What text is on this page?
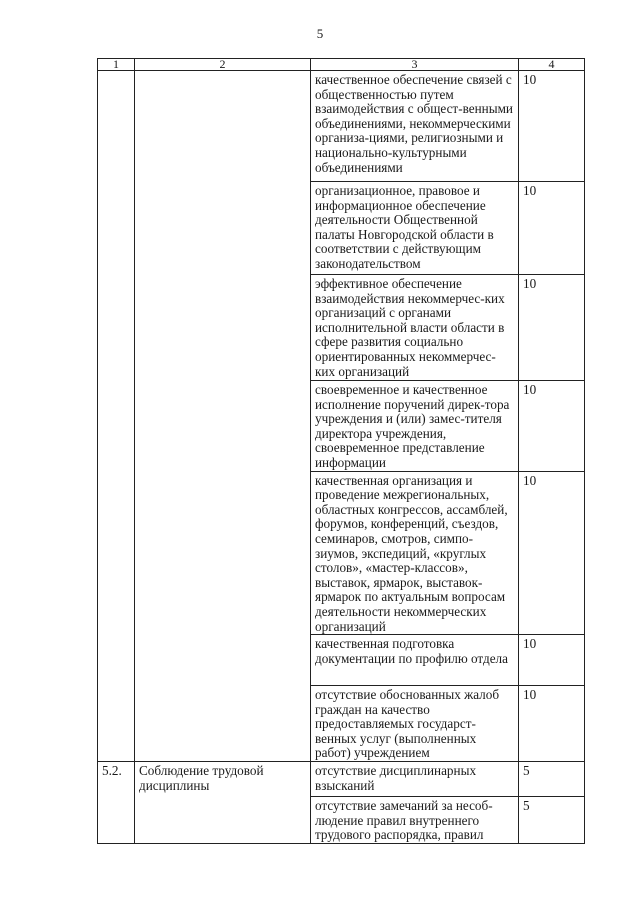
5
1	2	3	4

		качественное обеспечение связей с общественностью путем взаимодействия с общест-венными объединениями, некоммерческими организа-циями, религиозными и национально-культурными объединениями	10

		организационное, правовое и информационное обеспечение деятельности Общественной палаты Новгородской области в соответствии с действующим законодательством	10

		эффективное обеспечение взаимодействия некоммерчес-ких организаций с органами исполнительной власти области в сфере развития социально ориентированных некоммерчес-ких организаций	10

		своевременное и качественное исполнение поручений дирек-тора учреждения и (или) замес-тителя директора учреждения, своевременное представление информации	10

		качественная организация и проведение межрегиональных, областных конгрессов, ассамблей, форумов, конференций, съездов, семинаров, смотров, симпо-зиумов, экспедиций, «круглых столов», «мастер-классов», выставок, ярмарок, выставок-ярмарок по актуальным вопросам деятельности некоммерческих организаций	10

		качественная подготовка документации по профилю отдела	10

		отсутствие обоснованных жалоб граждан на качество предоставляемых государст-венных услуг (выполненных работ) учреждением	10

5.2.	Соблюдение трудовой дисциплины	отсутствие дисциплинарных взысканий	5

		отсутствие замечаний за несоб-людение правил внутреннего трудового распорядка, правил	5
